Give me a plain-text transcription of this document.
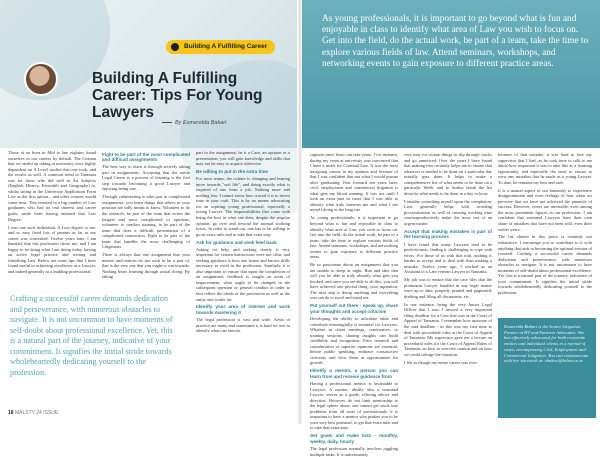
Building A Fulfilling Career
Building A Fulfilling Career: Tips For Young Lawyers
By Esmerelda Bakari

Those of us born in Mid to late eighties found ourselves in our careers by default. The Cinema that we ended up taking at university were highly dependent on A Level studies that one took, and the results as well. A common trend in Tanzania was for those who did well in Art Subjects (English, History, Kiswahili and Geography) to, whilst sitting in the University Application Form Law as the first option... and other courses would come next. This resulted in a big number of Law graduates who had no real interest and career goals, aside from having attained that Law Degree.

I was one such individual. A Law degree to me, and so easy fixed lots of parents as far as my career was concerned. Twelve years later, I am thankful that this profession chose me, and I am happy to be doing what I am doing today, having an active legal practice and writing and furnishing Law. Below are some tips that I have found useful in achieving excellence as a Lawyer, and indeed generally as a budding professional.

Fight to be part of the most complicated and difficult assignments

The best way to learn is through actively taking part in assignments. Accepting that the entire Legal Career is a process of learning is the first step towards becoming a good Lawyer and enjoying being one.

Through volunteering to take part in complicated assignments, you learn things that others in your position are fully meant to know. Volunteer to do the research, be part of the team that writes the longest and most complicated of opinions, volunteer to conduct training, to be part of the team that does a difficult presentation of a complicated transaction. Fight to be part of the team that handles the most challenging of Litigations.

There is always that one assignment that your mentor and seniors do not wish to be a part of, that is the very one that you ought to run towards. Nothing beats learning through actual doing. By taking

part in the assignment, be it a Case, an opinion or a presentation, you will gain knowledge and skills that may not be easy to acquire otherwise.

Be willing to put in the extra time

For most teams, the culture is changing and leaning more towards "soft life", and doing exactly what is required of one from a job. Nothing more and nothing less. I cannot stress how crucial it is to invest time in your craft. This is by no means advocating for an aspiring young professional, especially a young Lawyer. The responsibilities that come with being the best in what one does, despite the popular opinion, go over and beyond the normal working hours. In order to stand out, one has to be willing to go an extra mile and to take that extra step.

Ask for guidance and seek feed back

Asking for help, and seeking clearly is very important for certain instructions were not clear, and seeking guidance is how one learns and knows skills necessary to excel in the profession. Similarly, it is also important to ensure that upon the completion of an assignment, feedback is sought on areas of improvement, what ought to be changed in the subsequent question or general conduct in order to best reflect the ideals of the profession as well as the entity one works for.

Identify your area of interest and work towards mastering it

The legal profession is vast and wide. Areas of practice are many and sometimes it is hard for one to identify what one fancies.

Crafting a successful career demands dedication and perseverance, with numerous obstacles to navigate. It is not uncommon to have moments of self-doubt about professional excellence. Yet, this is a natural part of the journey, indicative of your commitment. It signifies the initial stride towards wholeheartedly dedicating yourself to the profession.
18 MALSTY 24 ISSUE
As young professionals, it is important to go beyond what is fun and enjoyable in class to identify what area of Law you wish to focus on. Get into the field, do the actual work, be part of a team, take the time to explore various fields of law. Attend seminars, workshops, and networking events to gain exposure to different practice areas.

captures ones' heart can take years. I for instance, during my years at university was convinced that I have a niche for Criminal Law. It was the most intriguing course in my opinion and because of that I was confident that not what I would pursue after graduating. Fast forward ten years later, civil, employment and commercial litigation is what gets my blood running. It was not until I took an extra part in cases that I was able to identify what truly interests me and what I see myself doing in the long run.

As young professionals, it is important to go beyond what is fun and enjoyable in class to identify what area of Law you wish to focus on. Get into the field, do the actual work, be part of a team, take the time to explore various fields of law. Attend seminars, workshops, and networking events to gain exposure to different practice areas.

Be so passionate about an assignment that you are unable to sleep at night. Run and take that will you be able to truly identify what gets you hooked, and once you are able to do this, you will have achieved one pivotal thing, your aspiration. The next step is doing anything and everything you can do to excel and stand out.

Put yourself out there - speak up, share your thoughts and accept criticism

Developing the ability to articulate ideas and contribute meaningfully is essential for Lawyers. Whether in client meetings, conferences, or training sessions, sharing insights can build credibility and recognition. Prior research and consideration of superior opinions are essential, before public speaking, embrace constructive criticism, and view them as opportunities for growth.

Identify a mentor, a person you can learn from and receive guidance from

Having a professional mentor is invaluable to Lawyers. A mentor, ideally also a seasoned Lawyer, serves as a guide, offering advice and direction. However, do not limit mentorship to the legal sphere alone, one cannot get stuck into problems from all sorts of professionals, it is important to have a mentor who pushes you to be your very best potential, to get that extra mile and to take that extra step.

Set goals and make lists - monthly, weekly, daily, hourly

The legal profession normally involves juggling multiple tasks. It is unfortunately

very easy for certain things to slip through cracks and go unnoticed. Over the years I have found that making lists certainly helps me to ensure that whatever is needed to be done on a particular day actually gets done. It helps to make a comprehensive list of what needs to be done on a particular Week, and to further break the list down to what needs to be done in a day or hour.

Consider consulting myself upon the completion. Lists generally helps with avoiding procrastination as well as creating working time counterproductively make the most out of an urgent matter.

Accept that making mistakes is part of the learning process

I have found that many Lawyers tend to be perfectionists, finding it challenging to cope with errors. For those of us with that trait, nothing is harder to accept and to deal with than making a mistake. Twelve years ago, I worked as an Assistant to a Late veteran Lawyer in Tanzania.

My job was to ensure that the case files that the prominent Lawyer handled in any legal matter were up to date, properly printed and paginated, drafting and filing all documents, etc.

In one instance, being the very Junior Legal Officer that I was, I missed a very important filing deadline for a Case that was at the Court of Appeal of Tanzania. I remember how unaware of the said deadline - as this was my first time to deal with procedural rules at the Court of Appeal of Tanzania. My supervisor gave me a lecture on procedural rules for the Court of Appeal Rules of Tanzania, on how to exercise caution and on how we could salvage the situation.

I felt as though my entire career was over

because of that mistake, it was hard to face my supervisor that I had, as he took time to talk to me about how important it was to take this as a learning opportunity, and especially the need to ensure to view any mistakes that he made as a young Lawyer. To date, he remains my best and safe.

It is a natural aspect of our humanity to experience disappointment and even feelings of hurt when we perceive that we have not achieved the pinnacle of success. However, errors are inevitable, even among the most prominent figures in our profession. I am confident that seasoned Lawyers have their own share of mistakes that have not been told, even their earlier years.

The list shared in this piece is certainly not exhaustive. I encourage you to contribute to it with anything that aids in becoming the optimal version of yourself. Crafting a successful career demands dedication and perseverance, with numerous obstacles to navigate. It is not uncommon to have moments of self-doubt about professional excellence. Yet, this is a natural part of the journey, indicative of your commitment. It signifies the initial stride towards wholeheartedly dedicating yourself to the profession.

Esmerelda Bakari is the Senior Litigation Partner at HT and Partners Advocates. She has effectively advocated for both corporate entities and individual clients in a myriad of cases, encompassing Civil, Employment and Commercial Litigation. You can communicate with her via email at: ebakari@htlaw.co.tz
